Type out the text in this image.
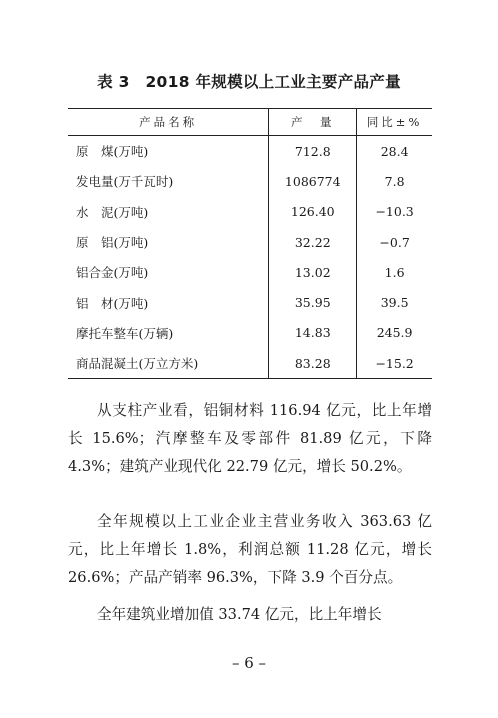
表 3　2018 年规模以上工业主要产品产量
产品名称	产　量	同比±%
原　煤(万吨)	712.8	28.4
发电量(万千瓦时)	1086774	7.8
水　泥(万吨)	126.40	−10.3
原　铝(万吨)	32.22	−0.7
铝合金(万吨)	13.02	1.6
铝　材(万吨)	35.95	39.5
摩托车整车(万辆)	14.83	245.9
商品混凝土(万立方米)	83.28	−15.2

从支柱产业看，铝铜材料 116.94 亿元，比上年增长 15.6%；汽摩整车及零部件 81.89 亿元，下降 4.3%；建筑产业现代化 22.79 亿元，增长 50.2%。

全年规模以上工业企业主营业务收入 363.63 亿元，比上年增长 1.8%，利润总额 11.28 亿元，增长 26.6%；产品产销率 96.3%，下降 3.9 个百分点。

全年建筑业增加值 33.74 亿元，比上年增长

– 6 –
